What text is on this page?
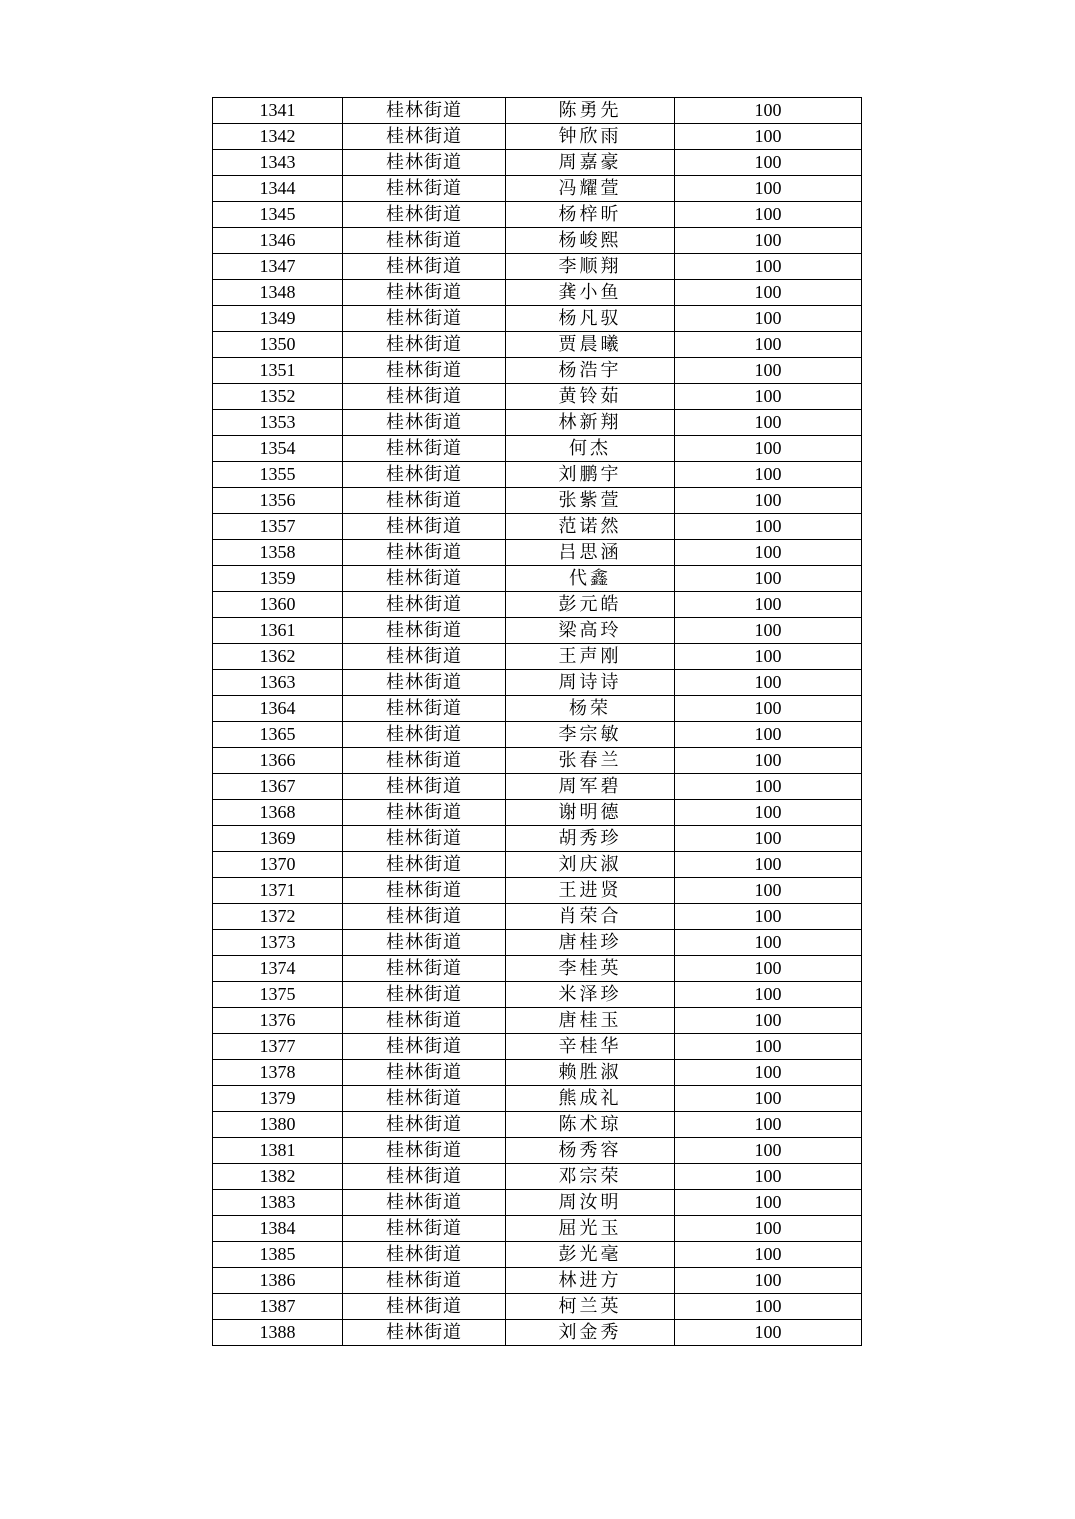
1341	桂林街道	陈勇先	100
1342	桂林街道	钟欣雨	100
1343	桂林街道	周嘉豪	100
1344	桂林街道	冯耀萱	100
1345	桂林街道	杨梓昕	100
1346	桂林街道	杨峻熙	100
1347	桂林街道	李顺翔	100
1348	桂林街道	龚小鱼	100
1349	桂林街道	杨凡驭	100
1350	桂林街道	贾晨曦	100
1351	桂林街道	杨浩宇	100
1352	桂林街道	黄铃茹	100
1353	桂林街道	林新翔	100
1354	桂林街道	何杰	100
1355	桂林街道	刘鹏宇	100
1356	桂林街道	张紫萱	100
1357	桂林街道	范诺然	100
1358	桂林街道	吕思涵	100
1359	桂林街道	代鑫	100
1360	桂林街道	彭元皓	100
1361	桂林街道	梁高玲	100
1362	桂林街道	王声刚	100
1363	桂林街道	周诗诗	100
1364	桂林街道	杨荣	100
1365	桂林街道	李宗敏	100
1366	桂林街道	张春兰	100
1367	桂林街道	周军碧	100
1368	桂林街道	谢明德	100
1369	桂林街道	胡秀珍	100
1370	桂林街道	刘庆淑	100
1371	桂林街道	王进贤	100
1372	桂林街道	肖荣合	100
1373	桂林街道	唐桂珍	100
1374	桂林街道	李桂英	100
1375	桂林街道	米泽珍	100
1376	桂林街道	唐桂玉	100
1377	桂林街道	辛桂华	100
1378	桂林街道	赖胜淑	100
1379	桂林街道	熊成礼	100
1380	桂林街道	陈术琼	100
1381	桂林街道	杨秀容	100
1382	桂林街道	邓宗荣	100
1383	桂林街道	周汝明	100
1384	桂林街道	屈光玉	100
1385	桂林街道	彭光毫	100
1386	桂林街道	林进方	100
1387	桂林街道	柯兰英	100
1388	桂林街道	刘金秀	100
